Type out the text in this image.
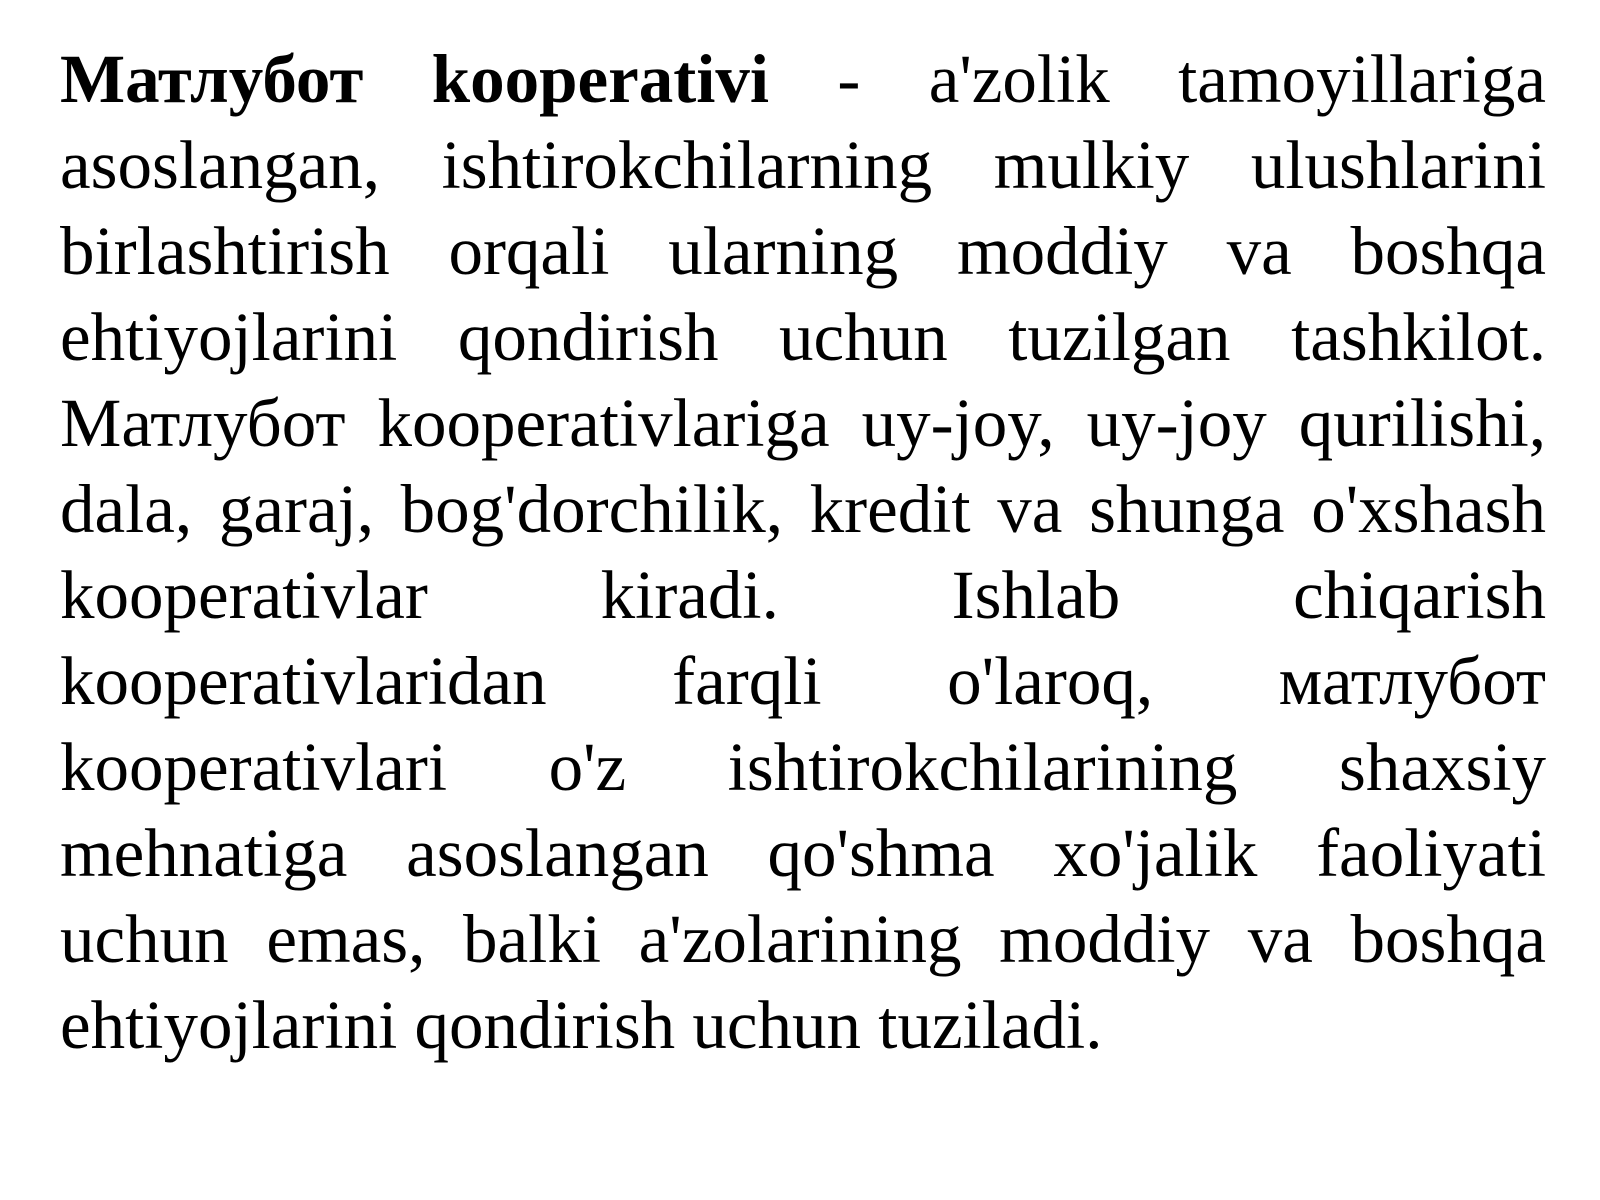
Матлубот kooperativi - a'zolik tamoyillariga asoslangan, ishtirokchilarning mulkiy ulushlarini birlashtirish orqali ularning moddiy va boshqa ehtiyojlarini qondirish uchun tuzilgan tashkilot. Матлубот kooperativlariga uy-joy, uy-joy qurilishi, dala, garaj, bog'dorchilik, kredit va shunga o'xshash kooperativlar kiradi. Ishlab chiqarish kooperativlaridan farqli o'laroq, матлубот kooperativlari o'z ishtirokchilarining shaxsiy mehnatiga asoslangan qo'shma xo'jalik faoliyati uchun emas, balki a'zolarining moddiy va boshqa ehtiyojlarini qondirish uchun tuziladi.
